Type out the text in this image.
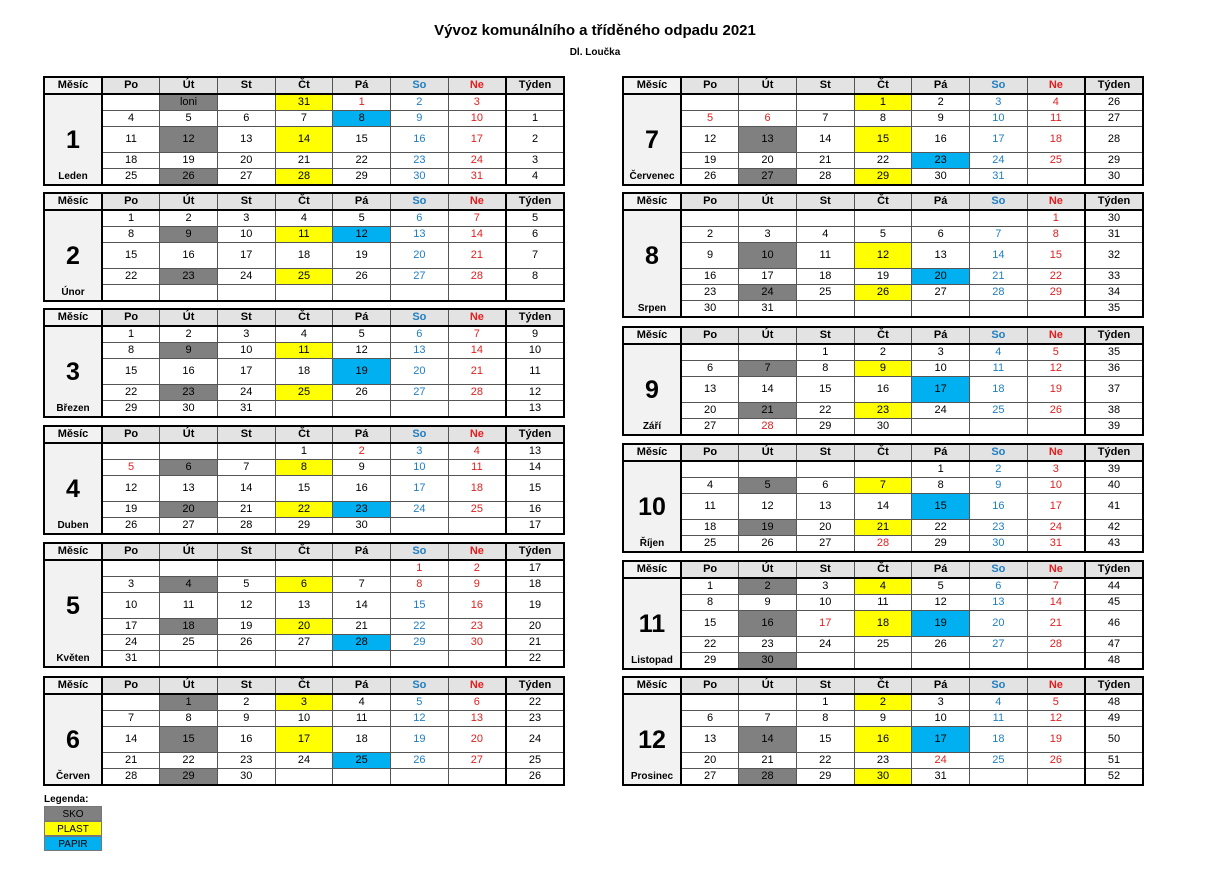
Vývoz komunálního a tříděného odpadu 2021
Dl. Loučka
Měsíc	Po	Út	St	Čt	Pá	So	Ne	Týden
		loni		31	1	2	3	
	4	5	6	7	8	9	10	1
1	11	12	13	14	15	16	17	2
	18	19	20	21	22	23	24	3
Leden	25	26	27	28	29	30	31	4
Měsíc	Po	Út	St	Čt	Pá	So	Ne	Týden
	1	2	3	4	5	6	7	5
	8	9	10	11	12	13	14	6
2	15	16	17	18	19	20	21	7
	22	23	24	25	26	27	28	8
Únor								
Měsíc	Po	Út	St	Čt	Pá	So	Ne	Týden
	1	2	3	4	5	6	7	9
	8	9	10	11	12	13	14	10
3	15	16	17	18	19	20	21	11
	22	23	24	25	26	27	28	12
Březen	29	30	31					13
Měsíc	Po	Út	St	Čt	Pá	So	Ne	Týden
				1	2	3	4	13
	5	6	7	8	9	10	11	14
4	12	13	14	15	16	17	18	15
	19	20	21	22	23	24	25	16
Duben	26	27	28	29	30			17
Měsíc	Po	Út	St	Čt	Pá	So	Ne	Týden
						1	2	17
	3	4	5	6	7	8	9	18
5	10	11	12	13	14	15	16	19
	17	18	19	20	21	22	23	20
	24	25	26	27	28	29	30	21
Květen	31							22
Měsíc	Po	Út	St	Čt	Pá	So	Ne	Týden
		1	2	3	4	5	6	22
	7	8	9	10	11	12	13	23
6	14	15	16	17	18	19	20	24
	21	22	23	24	25	26	27	25
Červen	28	29	30					26
Měsíc	Po	Út	St	Čt	Pá	So	Ne	Týden
				1	2	3	4	26
	5	6	7	8	9	10	11	27
7	12	13	14	15	16	17	18	28
	19	20	21	22	23	24	25	29
Červenec	26	27	28	29	30	31		30
Měsíc	Po	Út	St	Čt	Pá	So	Ne	Týden
							1	30
	2	3	4	5	6	7	8	31
8	9	10	11	12	13	14	15	32
	16	17	18	19	20	21	22	33
	23	24	25	26	27	28	29	34
Srpen	30	31						35
Měsíc	Po	Út	St	Čt	Pá	So	Ne	Týden
			1	2	3	4	5	35
	6	7	8	9	10	11	12	36
9	13	14	15	16	17	18	19	37
	20	21	22	23	24	25	26	38
Září	27	28	29	30				39
Měsíc	Po	Út	St	Čt	Pá	So	Ne	Týden
					1	2	3	39
	4	5	6	7	8	9	10	40
10	11	12	13	14	15	16	17	41
	18	19	20	21	22	23	24	42
Říjen	25	26	27	28	29	30	31	43
Měsíc	Po	Út	St	Čt	Pá	So	Ne	Týden
	1	2	3	4	5	6	7	44
	8	9	10	11	12	13	14	45
11	15	16	17	18	19	20	21	46
	22	23	24	25	26	27	28	47
Listopad	29	30						48
Měsíc	Po	Út	St	Čt	Pá	So	Ne	Týden
			1	2	3	4	5	48
	6	7	8	9	10	11	12	49
12	13	14	15	16	17	18	19	50
	20	21	22	23	24	25	26	51
Prosinec	27	28	29	30	31			52
Legenda:
SKO
PLAST
PAPIR
